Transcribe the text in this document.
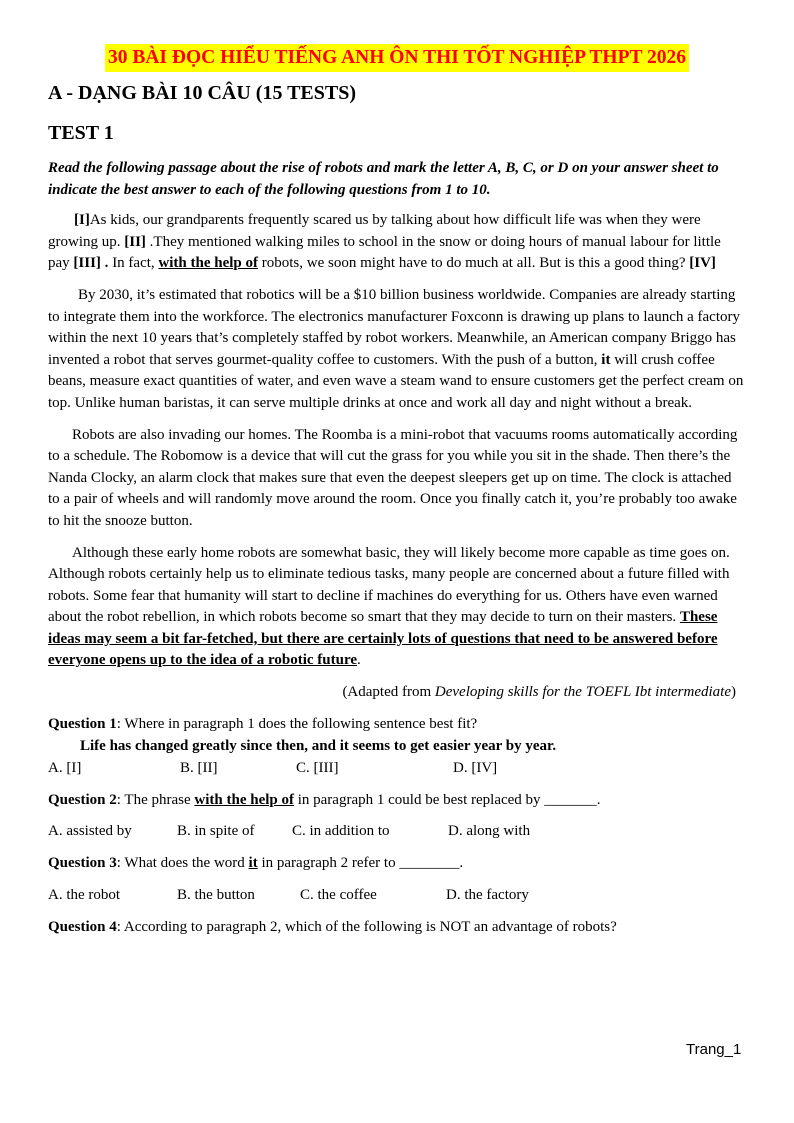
30 BÀI ĐỌC HIỂU TIẾNG ANH ÔN THI TỐT NGHIỆP THPT 2026
A - DẠNG BÀI 10 CÂU (15 TESTS)
TEST 1

Read the following passage about the rise of robots and mark the letter A, B, C, or D on your answer sheet to indicate the best answer to each of the following questions from 1 to 10.

[I]As kids, our grandparents frequently scared us by talking about how difficult life was when they were growing up. [II] .They mentioned walking miles to school in the snow or doing hours of manual labour for little pay [III] . In fact, with the help of robots, we soon might have to do much at all. But is this a good thing? [IV]

By 2030, it’s estimated that robotics will be a $10 billion business worldwide. Companies are already starting to integrate them into the workforce. The electronics manufacturer Foxconn is drawing up plans to launch a factory within the next 10 years that’s completely staffed by robot workers. Meanwhile, an American company Briggo has invented a robot that serves gourmet-quality coffee to customers. With the push of a button, it will crush coffee beans, measure exact quantities of water, and even wave a steam wand to ensure customers get the perfect cream on top. Unlike human baristas, it can serve multiple drinks at once and work all day and night without a break.

Robots are also invading our homes. The Roomba is a mini-robot that vacuums rooms automatically according to a schedule. The Robomow is a device that will cut the grass for you while you sit in the shade. Then there’s the Nanda Clocky, an alarm clock that makes sure that even the deepest sleepers get up on time. The clock is attached to a pair of wheels and will randomly move around the room. Once you finally catch it, you’re probably too awake to hit the snooze button.

Although these early home robots are somewhat basic, they will likely become more capable as time goes on. Although robots certainly help us to eliminate tedious tasks, many people are concerned about a future filled with robots. Some fear that humanity will start to decline if machines do everything for us. Others have even warned about the robot rebellion, in which robots become so smart that they may decide to turn on their masters. These ideas may seem a bit far-fetched, but there are certainly lots of questions that need to be answered before everyone opens up to the idea of a robotic future.

(Adapted from Developing skills for the TOEFL Ibt intermediate)

Question 1: Where in paragraph 1 does the following sentence best fit?

Life has changed greatly since then, and it seems to get easier year by year.

A. [I]	B. [II]	C. [III]	D. [IV]

Question 2: The phrase with the help of in paragraph 1 could be best replaced by _______.

A. assisted by	B. in spite of	C. in addition to	D. along with

Question 3: What does the word it in paragraph 2 refer to ________.

A. the robot	B. the button	C. the coffee	D. the factory

Question 4: According to paragraph 2, which of the following is NOT an advantage of robots?

Trang_1
